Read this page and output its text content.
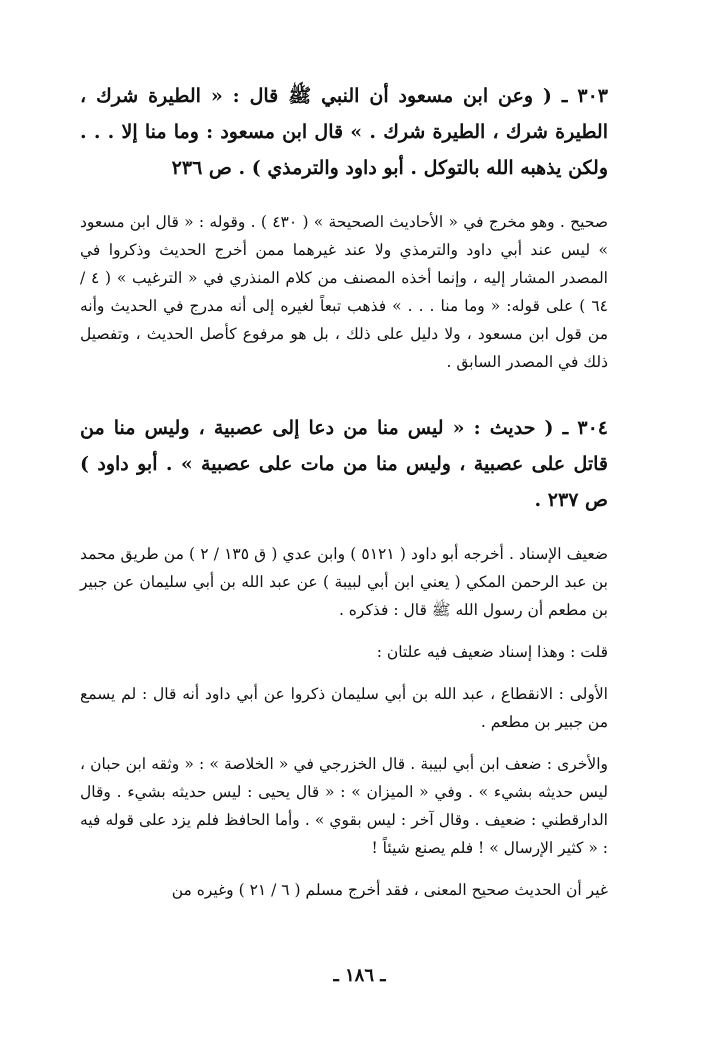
٣٠٣ ـ ( وعن ابن مسعود أن النبي ﷺ قال : « الطيرة شرك ، الطيرة شرك ، الطيرة شرك . » قال ابن مسعود : وما منا إلا . . . ولكن يذهبه الله بالتوكل . أبو داود والترمذي ) . ص ٢٣٦

صحيح . وهو مخرج في « الأحاديث الصحيحة » ( ٤٣٠ ) . وقوله : « قال ابن مسعود » ليس عند أبي داود والترمذي ولا عند غيرهما ممن أخرج الحديث وذكروا في المصدر المشار إليه ، وإنما أخذه المصنف من كلام المنذري في « الترغيب » ( ٤ / ٦٤ ) على قوله: « وما منا . . . » فذهب تبعاً لغيره إلى أنه مدرج في الحديث وأنه من قول ابن مسعود ، ولا دليل على ذلك ، بل هو مرفوع كأصل الحديث ، وتفصيل ذلك في المصدر السابق .

٣٠٤ ـ ( حديث : « ليس منا من دعا إلى عصبية ، وليس منا من قاتل على عصبية ، وليس منا من مات على عصبية » . أبو داود ) ص ٢٣٧ .

ضعيف الإسناد . أخرجه أبو داود ( ٥١٢١ ) وابن عدي ( ق ١٣٥ / ٢ ) من طريق محمد بن عبد الرحمن المكي ( يعني ابن أبي لبيبة ) عن عبد الله بن أبي سليمان عن جبير بن مطعم أن رسول الله ﷺ قال : فذكره .

قلت : وهذا إسناد ضعيف فيه علتان :

الأولى : الانقطاع ، عبد الله بن أبي سليمان ذكروا عن أبي داود أنه قال : لم يسمع من جبير بن مطعم .

والأخرى : ضعف ابن أبي لبيبة . قال الخزرجي في « الخلاصة » : « وثقه ابن حبان ، ليس حديثه بشيء » . وفي « الميزان » : « قال يحيى : ليس حديثه بشيء . وقال الدارقطني : ضعيف . وقال آخر : ليس بقوي » . وأما الحافظ فلم يزد على قوله فيه : « كثير الإرسال » ! فلم يصنع شيئاً !

غير أن الحديث صحيح المعنى ، فقد أخرج مسلم ( ٦ / ٢١ ) وغيره من

ـ ١٨٦ ـ
